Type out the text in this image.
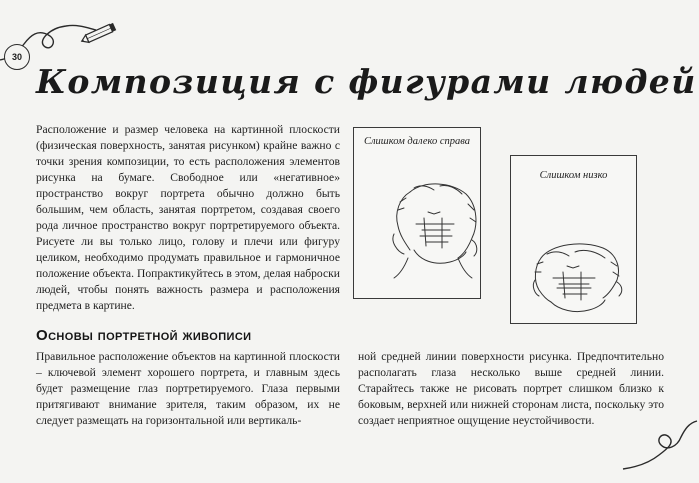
30
Композиция с фигурами людей

Расположение и размер человека на картинной плоскости (физическая поверхность, занятая рисунком) крайне важно с точки зрения композиции, то есть расположения элементов рисунка на бумаге. Свободное или «негативное» пространство вокруг портрета обычно должно быть большим, чем область, занятая портретом, создавая своего рода личное пространство вокруг портретируемого объекта. Рисуете ли вы только лицо, голову и плечи или фигуру целиком, необходимо продумать правильное и гармоничное положение объекта. Попрактикуйтесь в этом, делая наброски людей, чтобы понять важность размера и расположения предмета в картине.

Слишком далеко справа
Слишком низко
Основы портретной живописи

Правильное расположение объектов на картинной плоскости – ключевой элемент хорошего портрета, и главным здесь будет размещение глаз портретируемого. Глаза первыми притягивают внимание зрителя, таким образом, их не следует размещать на горизонтальной или вертикаль-

ной средней линии поверхности рисунка. Предпочтительно располагать глаза несколько выше средней линии. Старайтесь также не рисовать портрет слишком близко к боковым, верхней или нижней сторонам листа, поскольку это создает неприятное ощущение неустойчивости.
